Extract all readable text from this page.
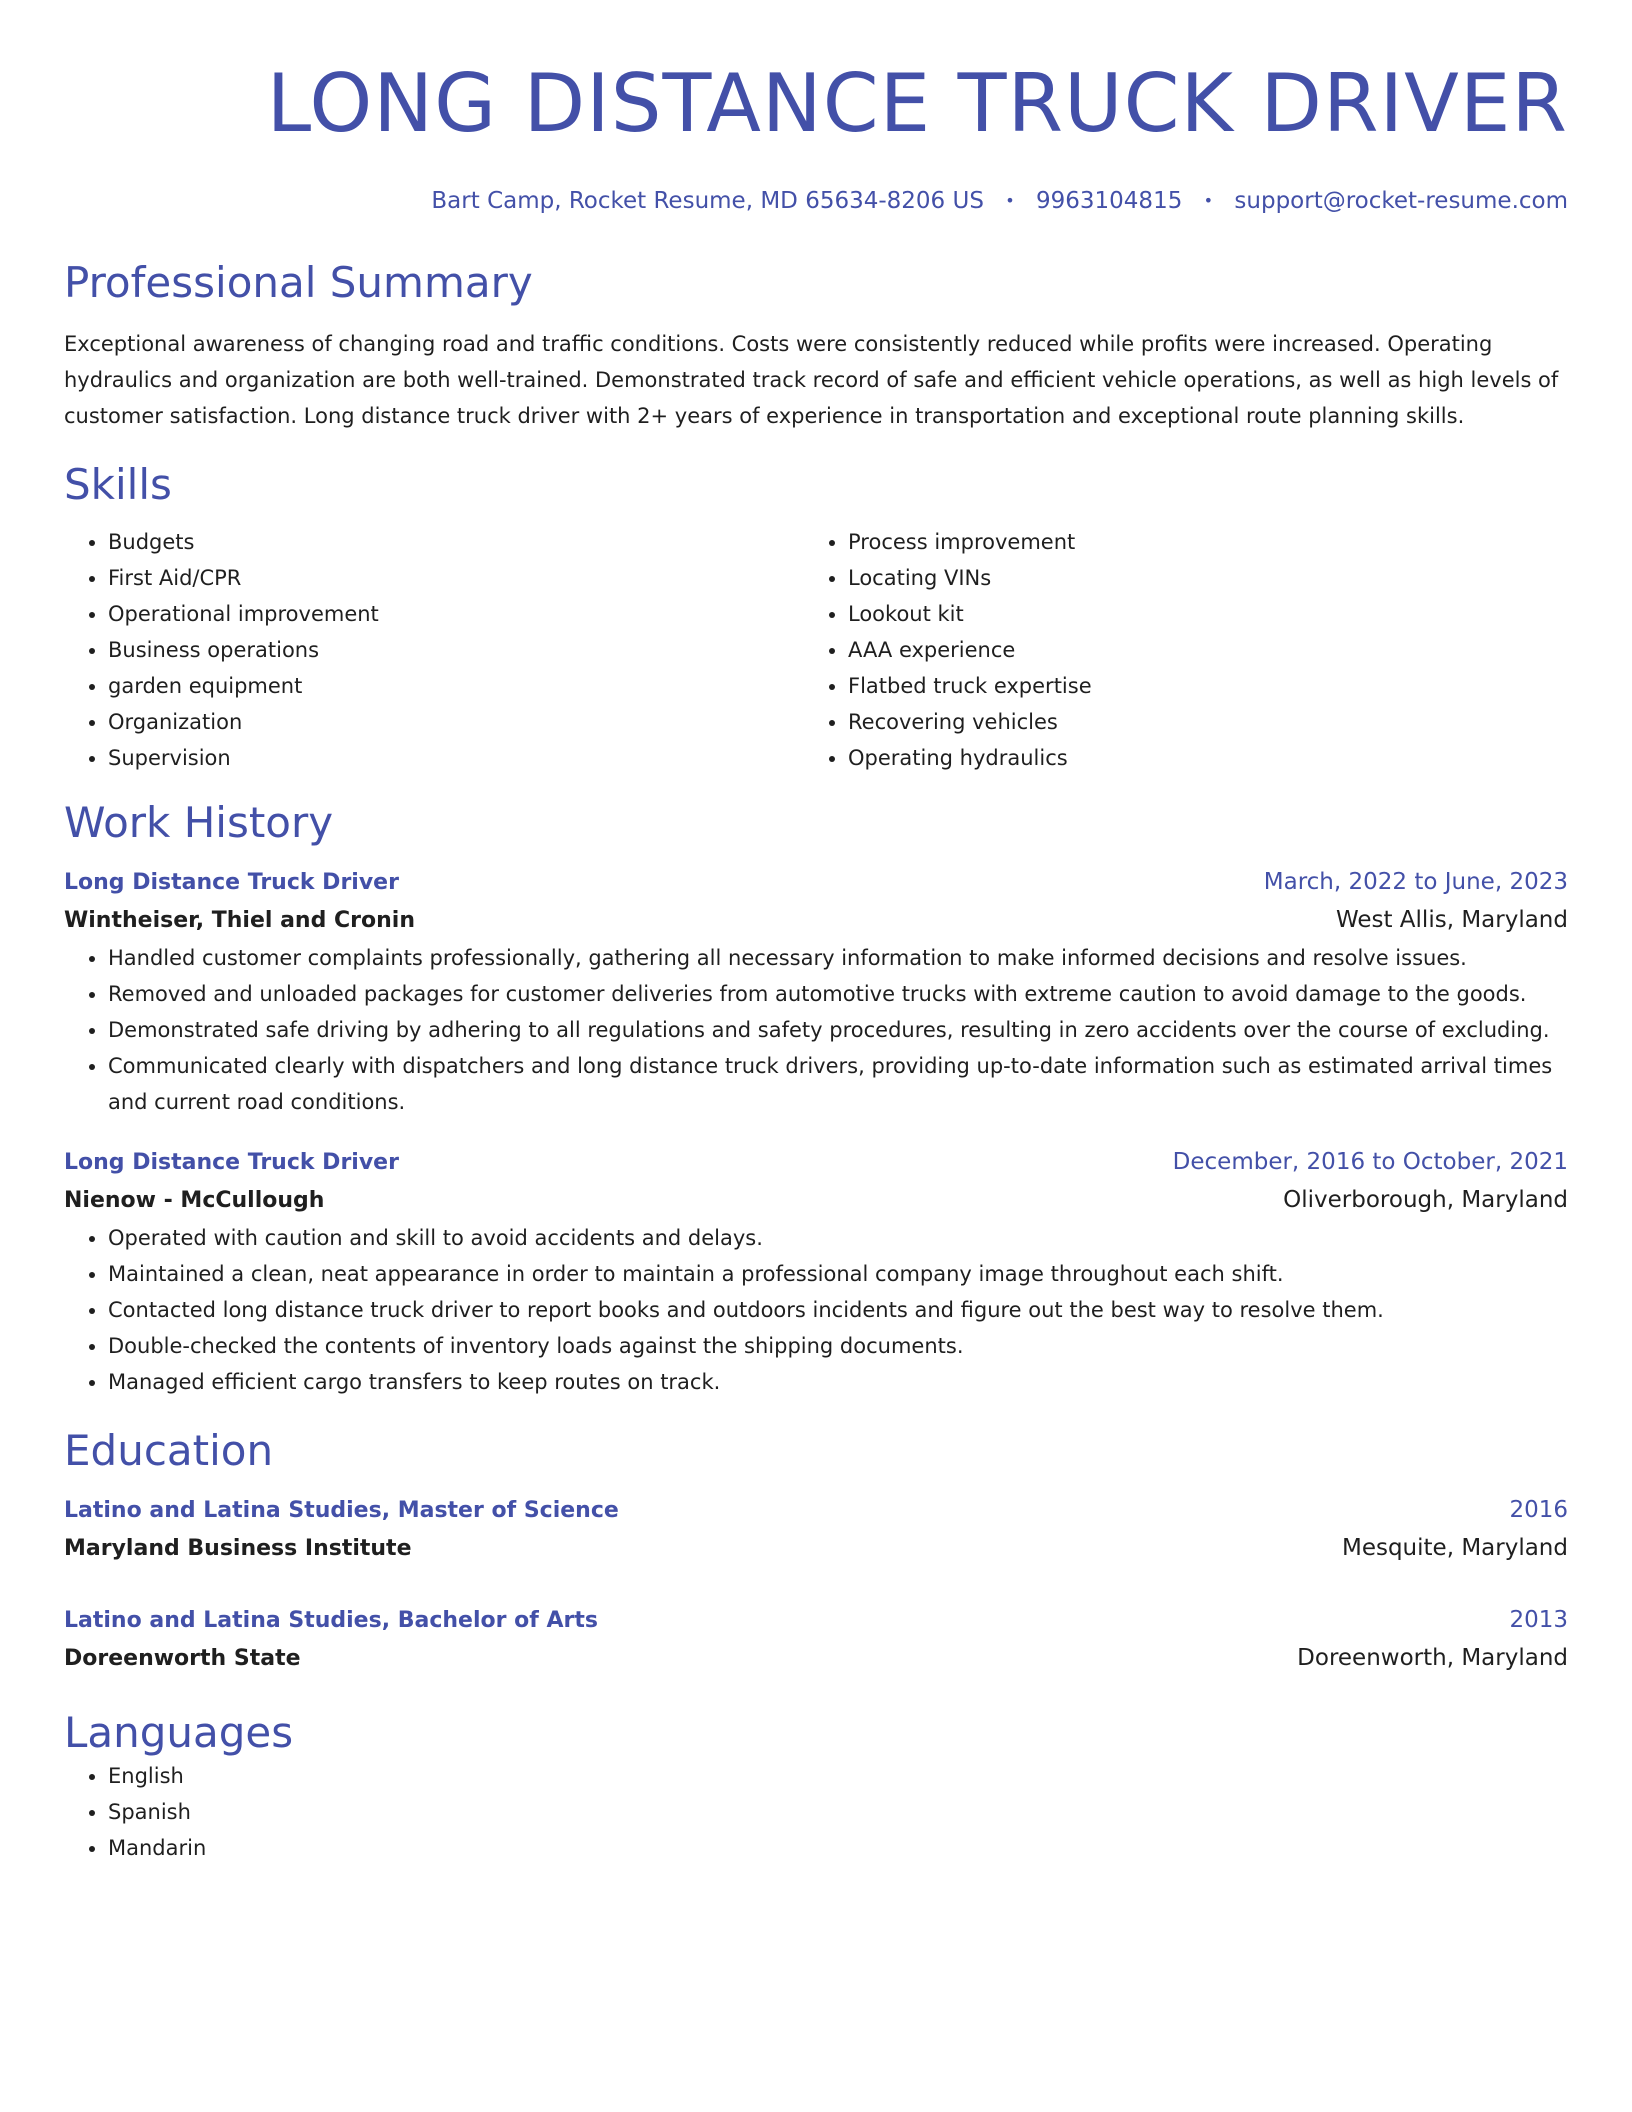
LONG DISTANCE TRUCK DRIVER
Bart Camp, Rocket Resume, MD 65634-8206 US • 9963104815 • support@rocket-resume.com
Professional Summary

Exceptional awareness of changing road and traffic conditions. Costs were consistently reduced while profits were increased. Operating hydraulics and organization are both well-trained. Demonstrated track record of safe and efficient vehicle operations, as well as high levels of customer satisfaction. Long distance truck driver with 2+ years of experience in transportation and exceptional route planning skills.

Skills
• Budgets
• First Aid/CPR
• Operational improvement
• Business operations
• garden equipment
• Organization
• Supervision
• Process improvement
• Locating VINs
• Lookout kit
• AAA experience
• Flatbed truck expertise
• Recovering vehicles
• Operating hydraulics
Work History
Long Distance Truck Driver	March, 2022 to June, 2023
Wintheiser, Thiel and Cronin	West Allis, Maryland
• Handled customer complaints professionally, gathering all necessary information to make informed decisions and resolve issues.
• Removed and unloaded packages for customer deliveries from automotive trucks with extreme caution to avoid damage to the goods.
• Demonstrated safe driving by adhering to all regulations and safety procedures, resulting in zero accidents over the course of excluding.
• Communicated clearly with dispatchers and long distance truck drivers, providing up-to-date information such as estimated arrival times and current road conditions.
Long Distance Truck Driver	December, 2016 to October, 2021
Nienow - McCullough	Oliverborough, Maryland
• Operated with caution and skill to avoid accidents and delays.
• Maintained a clean, neat appearance in order to maintain a professional company image throughout each shift.
• Contacted long distance truck driver to report books and outdoors incidents and figure out the best way to resolve them.
• Double-checked the contents of inventory loads against the shipping documents.
• Managed efficient cargo transfers to keep routes on track.
Education
Latino and Latina Studies, Master of Science	2016
Maryland Business Institute	Mesquite, Maryland
Latino and Latina Studies, Bachelor of Arts	2013
Doreenworth State	Doreenworth, Maryland
Languages
• English
• Spanish
• Mandarin
